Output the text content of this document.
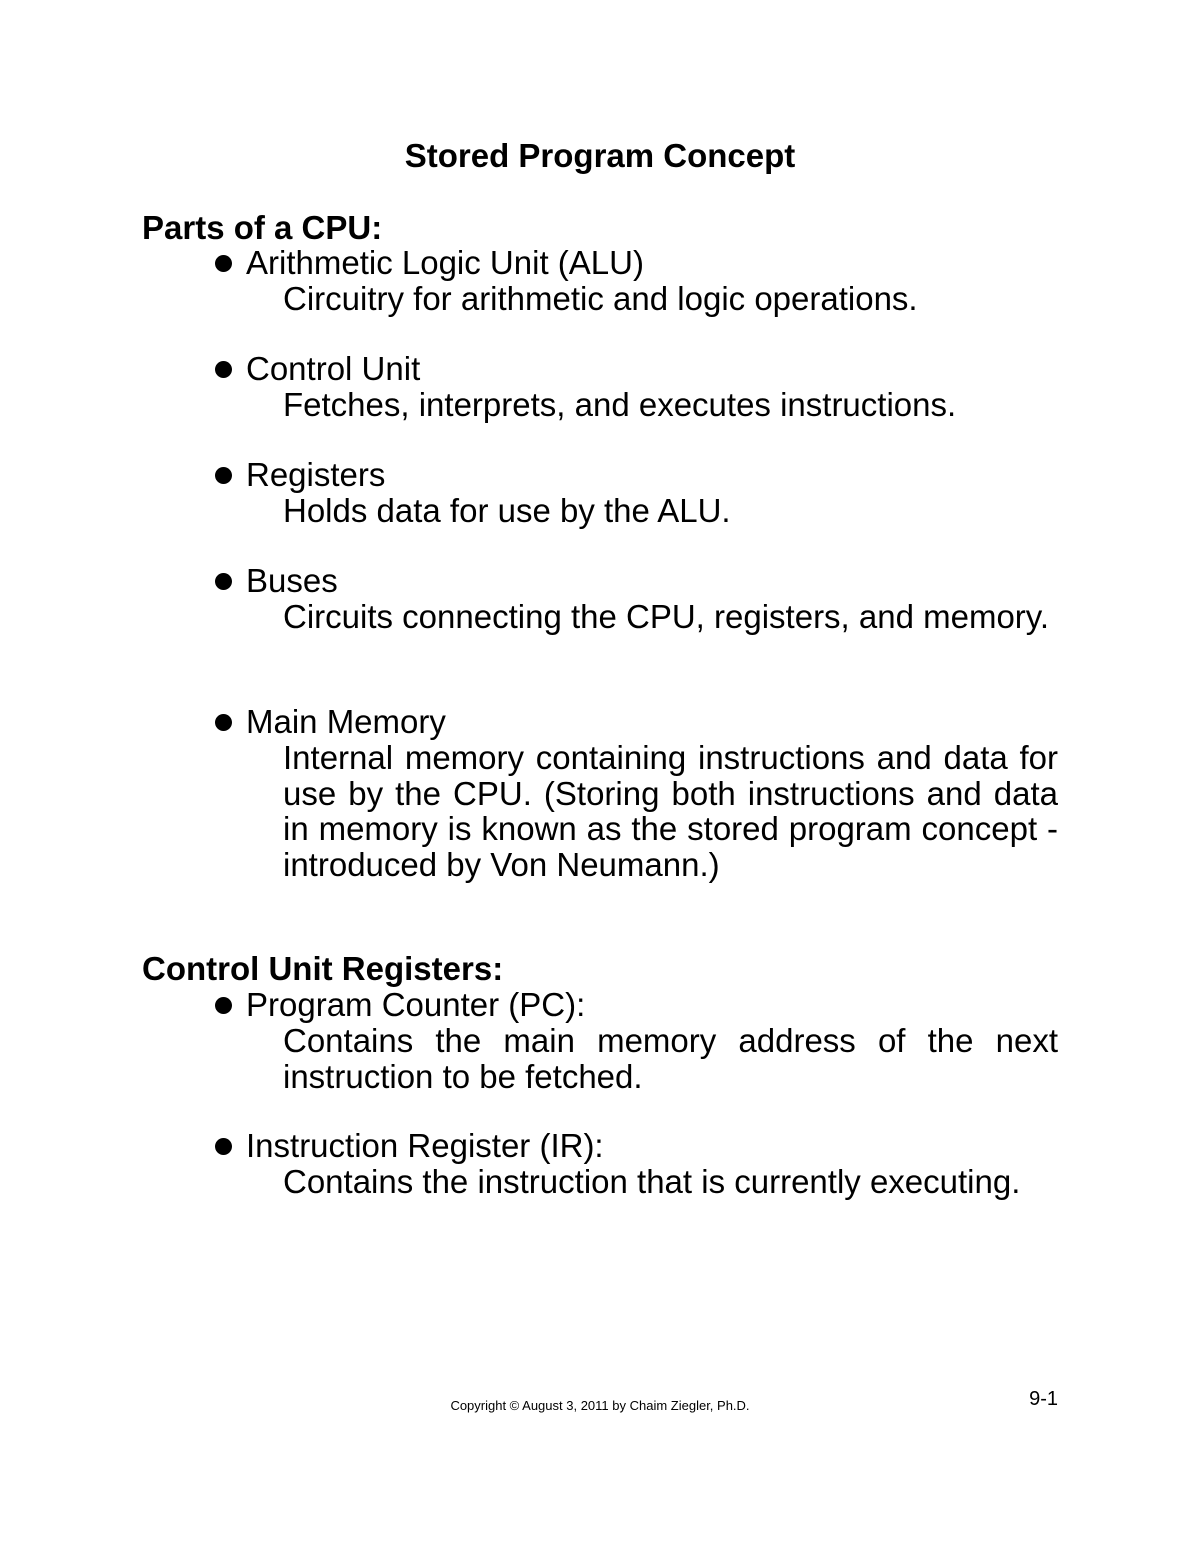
Stored Program Concept
Parts of a CPU:
Arithmetic Logic Unit (ALU)
Circuitry for arithmetic and logic operations.
Control Unit
Fetches, interprets, and executes instructions.
Registers
Holds data for use by the ALU.
Buses
Circuits connecting the CPU, registers, and memory.
Main Memory
Internal memory containing instructions and data for use by the CPU. (Storing both instructions and data in memory is known as the stored program concept - introduced by Von Neumann.)
Control Unit Registers:
Program Counter (PC):
Contains the main memory address of the next instruction to be fetched.
Instruction Register (IR):
Contains the instruction that is currently executing.
Copyright © August 3, 2011 by Chaim Ziegler, Ph.D.	9-1
